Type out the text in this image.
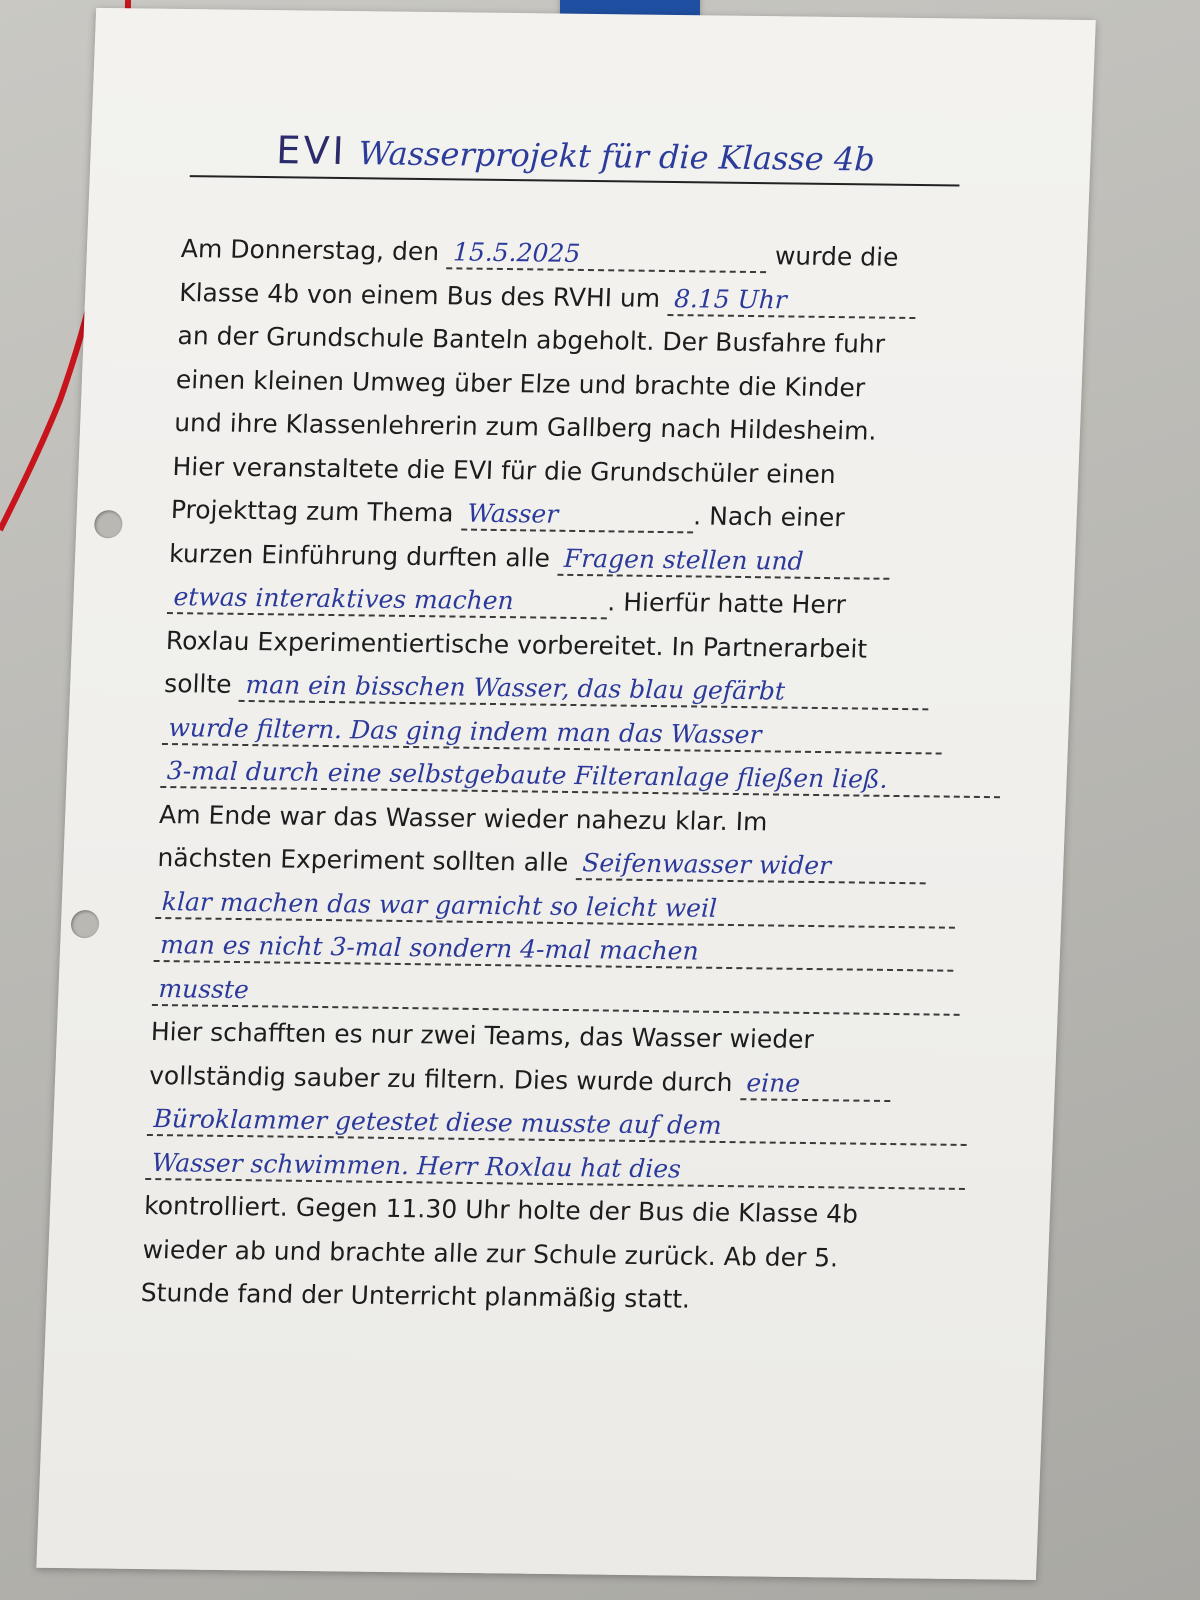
EVI Wasserprojekt für die Klasse 4b
Am Donnerstag, den 15.5.2025	wurde die
Klasse 4b von einem Bus des RVHI um 8.15 Uhr
an der Grundschule Banteln abgeholt. Der Busfahre fuhr
einen kleinen Umweg über Elze und brachte die Kinder
und ihre Klassenlehrerin zum Gallberg nach Hildesheim.
Hier veranstaltete die EVI für die Grundschüler einen
Projekttag zum Thema Wasser	. Nach einer
kurzen Einführung durften alle Fragen stellen und
etwas interaktives machen	. Hierfür hatte Herr
Roxlau Experimentiertische vorbereitet. In Partnerarbeit
sollte man ein bisschen Wasser, das blau gefärbt
wurde filtern. Das ging indem man das Wasser
3-mal durch eine selbstgebaute Filteranlage fließen ließ.
Am Ende war das Wasser wieder nahezu klar. Im
nächsten Experiment sollten alle Seifenwasser wider
klar machen das war garnicht so leicht weil
man es nicht 3-mal sondern 4-mal machen
musste
Hier schafften es nur zwei Teams, das Wasser wieder
vollständig sauber zu filtern. Dies wurde durch eine
Büroklammer getestet diese musste auf dem
Wasser schwimmen. Herr Roxlau hat dies
kontrolliert. Gegen 11.30 Uhr holte der Bus die Klasse 4b
wieder ab und brachte alle zur Schule zurück. Ab der 5.
Stunde fand der Unterricht planmäßig statt.
